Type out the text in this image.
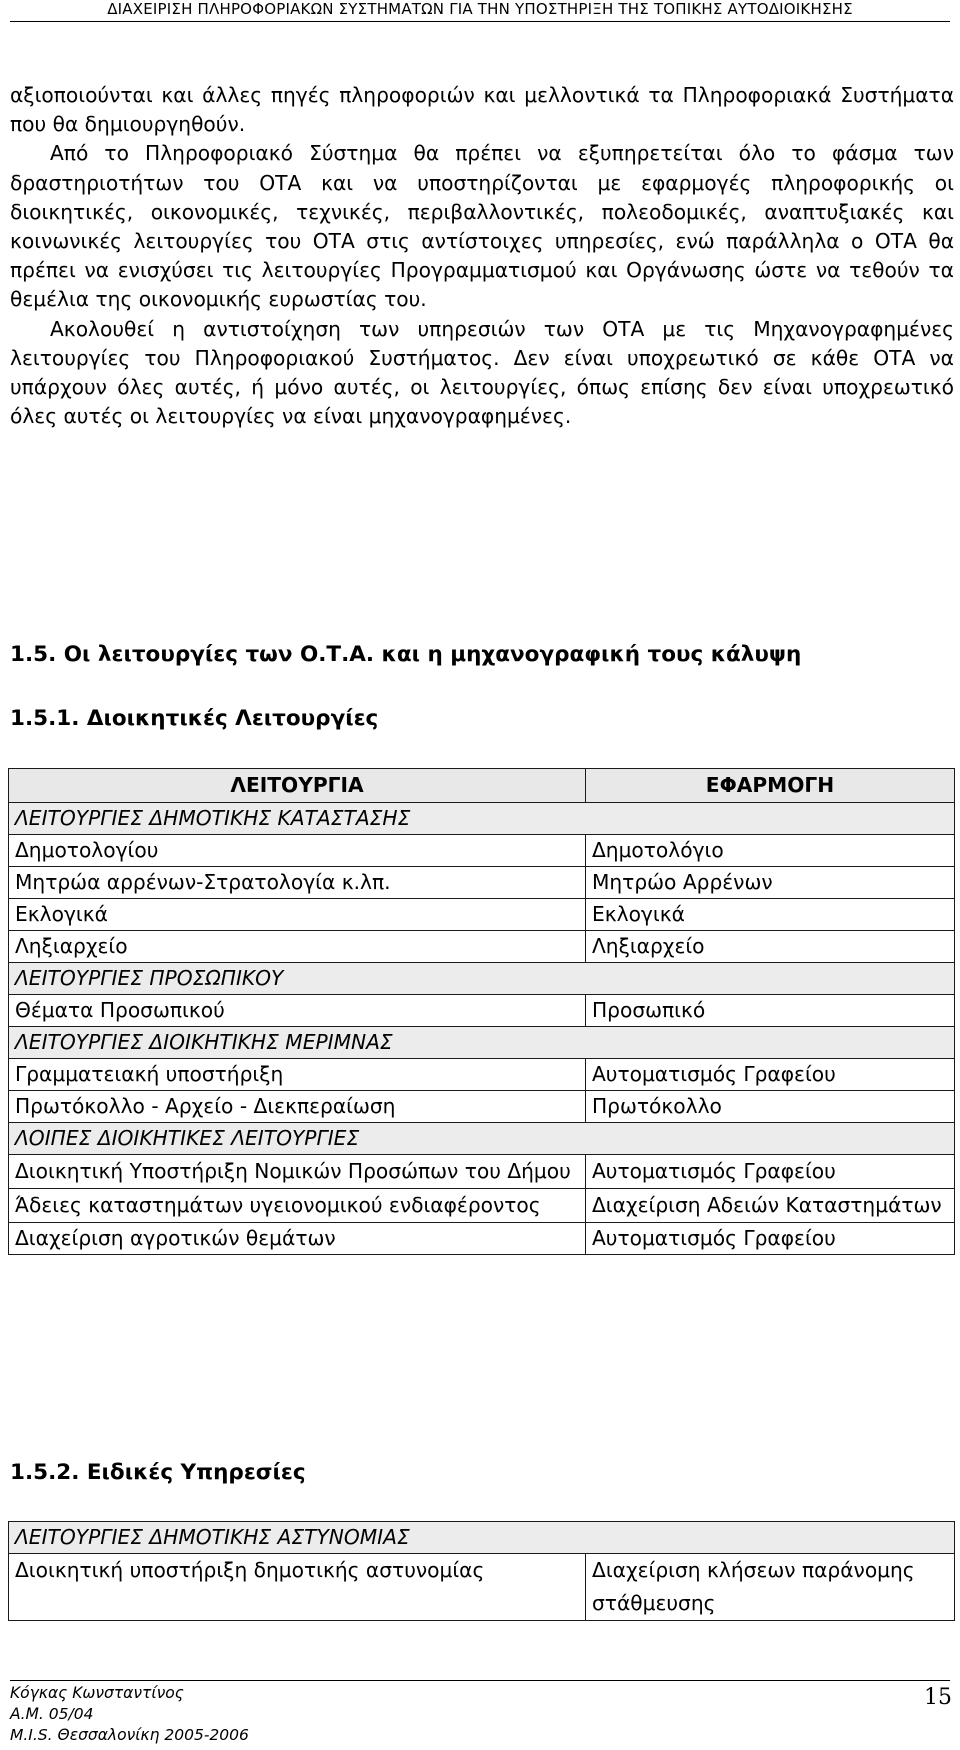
ΔΙΑΧΕΙΡΙΣΗ ΠΛΗΡΟΦΟΡΙΑΚΩΝ ΣΥΣΤΗΜΑΤΩΝ ΓΙΑ ΤΗΝ ΥΠΟΣΤΗΡΙΞΗ ΤΗΣ ΤΟΠΙΚΗΣ ΑΥΤΟΔΙΟΙΚΗΣΗΣ

αξιοποιούνται και άλλες πηγές πληροφοριών και μελλοντικά τα Πληροφοριακά Συστήματα που θα δημιουργηθούν.

Από το Πληροφοριακό Σύστημα θα πρέπει να εξυπηρετείται όλο το φάσμα των δραστηριοτήτων του ΟΤΑ και να υποστηρίζονται με εφαρμογές πληροφορικής οι διοικητικές, οικονομικές, τεχνικές, περιβαλλοντικές, πολεοδομικές, αναπτυξιακές και κοινωνικές λειτουργίες του ΟΤΑ στις αντίστοιχες υπηρεσίες, ενώ παράλληλα ο ΟΤΑ θα πρέπει να ενισχύσει τις λειτουργίες Προγραμματισμού και Οργάνωσης ώστε να τεθούν τα θεμέλια της οικονομικής ευρωστίας του.

Ακολουθεί η αντιστοίχηση των υπηρεσιών των ΟΤΑ με τις Μηχανογραφημένες λειτουργίες του Πληροφοριακού Συστήματος. Δεν είναι υποχρεωτικό σε κάθε ΟΤΑ να υπάρχουν όλες αυτές, ή μόνο αυτές, οι λειτουργίες, όπως επίσης δεν είναι υποχρεωτικό όλες αυτές οι λειτουργίες να είναι μηχανογραφημένες.

1.5. Οι λειτουργίες των Ο.Τ.Α. και η μηχανογραφική τους κάλυψη
1.5.1. Διοικητικές Λειτουργίες
ΛΕΙΤΟΥΡΓΙΑ	ΕΦΑΡΜΟΓΗ
ΛΕΙΤΟΥΡΓΙΕΣ ΔΗΜΟΤΙΚΗΣ ΚΑΤΑΣΤΑΣΗΣ	
Δημοτολογίου	Δημοτολόγιο
Μητρώα αρρένων-Στρατολογία κ.λπ.	Μητρώο Αρρένων
Εκλογικά	Εκλογικά
Ληξιαρχείο	Ληξιαρχείο
ΛΕΙΤΟΥΡΓΙΕΣ ΠΡΟΣΩΠΙΚΟΥ	
Θέματα Προσωπικού	Προσωπικό
ΛΕΙΤΟΥΡΓΙΕΣ ΔΙΟΙΚΗΤΙΚΗΣ ΜΕΡΙΜΝΑΣ	
Γραμματειακή υποστήριξη	Αυτοματισμός Γραφείου
Πρωτόκολλο - Αρχείο - Διεκπεραίωση	Πρωτόκολλο
ΛΟΙΠΕΣ ΔΙΟΙΚΗΤΙΚΕΣ ΛΕΙΤΟΥΡΓΙΕΣ	
Διοικητική Υποστήριξη Νομικών Προσώπων του Δήμου	Αυτοματισμός Γραφείου
Άδειες καταστημάτων υγειονομικού ενδιαφέροντος	Διαχείριση Αδειών Καταστημάτων
Διαχείριση αγροτικών θεμάτων	Αυτοματισμός Γραφείου
1.5.2. Ειδικές Υπηρεσίες
ΛΕΙΤΟΥΡΓΙΕΣ ΔΗΜΟΤΙΚΗΣ ΑΣΤΥΝΟΜΙΑΣ
Διοικητική υποστήριξη δημοτικής αστυνομίας	Διαχείριση κλήσεων παράνομης στάθμευσης
Κόγκας Κωνσταντίνος
Α.Μ. 05/04
M.I.S. Θεσσαλονίκη 2005-2006
15
